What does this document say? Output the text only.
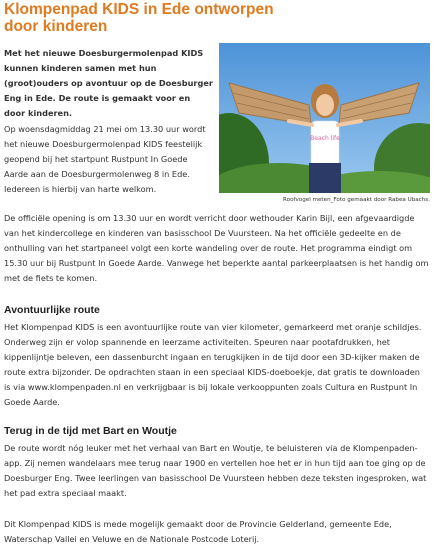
Klompenpad KIDS in Ede ontworpen
door kinderen

Met het nieuwe Doesburgermolenpad KIDS kunnen kinderen samen met hun (groot)ouders op avontuur op de Doesburger Eng in Ede. De route is gemaakt voor en door kinderen.

Beach life

Roofvogel meten_Foto gemaakt door Rabea Ubachs.

Op woensdagmiddag 21 mei om 13.30 uur wordt het nieuwe Doesburgermolenpad KIDS feestelijk geopend bij het startpunt Rustpunt In Goede Aarde aan de Doesburgermolenweg 8 in Ede. Iedereen is hierbij van harte welkom.

De officiële opening is om 13.30 uur en wordt verricht door wethouder Karin Bijl, een afgevaardigde van het kindercollege en kinderen van basisschool De Vuursteen. Na het officiële gedeelte en de onthulling van het startpaneel volgt een korte wandeling over de route. Het programma eindigt om 15.30 uur bij Rustpunt In Goede Aarde. Vanwege het beperkte aantal parkeerplaatsen is het handig om met de fiets te komen.

Avontuurlijke route

Het Klompenpad KIDS is een avontuurlijke route van vier kilometer, gemarkeerd met oranje schildjes. Onderweg zijn er volop spannende en leerzame activiteiten. Speuren naar pootafdrukken, het kippenlijntje beleven, een dassenburcht ingaan en terugkijken in de tijd door een 3D-kijker maken de route extra bijzonder. De opdrachten staan in een speciaal KIDS-doeboekje, dat gratis te downloaden is via www.klompenpaden.nl en verkrijgbaar is bij lokale verkooppunten zoals Cultura en Rustpunt In Goede Aarde.

Terug in de tijd met Bart en Woutje

De route wordt nóg leuker met het verhaal van Bart en Woutje, te beluisteren via de Klompenpaden-app. Zij nemen wandelaars mee terug naar 1900 en vertellen hoe het er in hun tijd aan toe ging op de Doesburger Eng. Twee leerlingen van basisschool De Vuursteen hebben deze teksten ingesproken, wat het pad extra speciaal maakt.

Dit Klompenpad KIDS is mede mogelijk gemaakt door de Provincie Gelderland, gemeente Ede, Waterschap Vallei en Veluwe en de Nationale Postcode Loterij.
